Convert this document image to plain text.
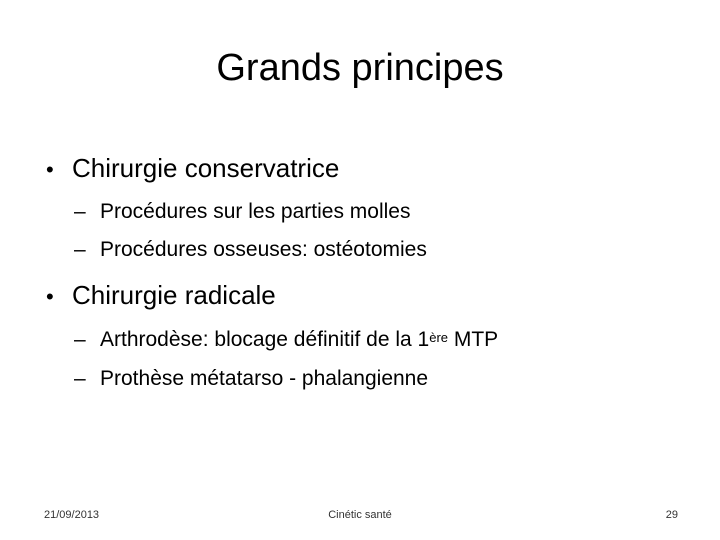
Grands principes
• Chirurgie conservatrice
– Procédures sur les parties molles
– Procédures osseuses: ostéotomies
• Chirurgie radicale
– Arthrodèse: blocage définitif de la 1ère MTP
– Prothèse métatarso - phalangienne
21/09/2013	Cinétic santé	29
